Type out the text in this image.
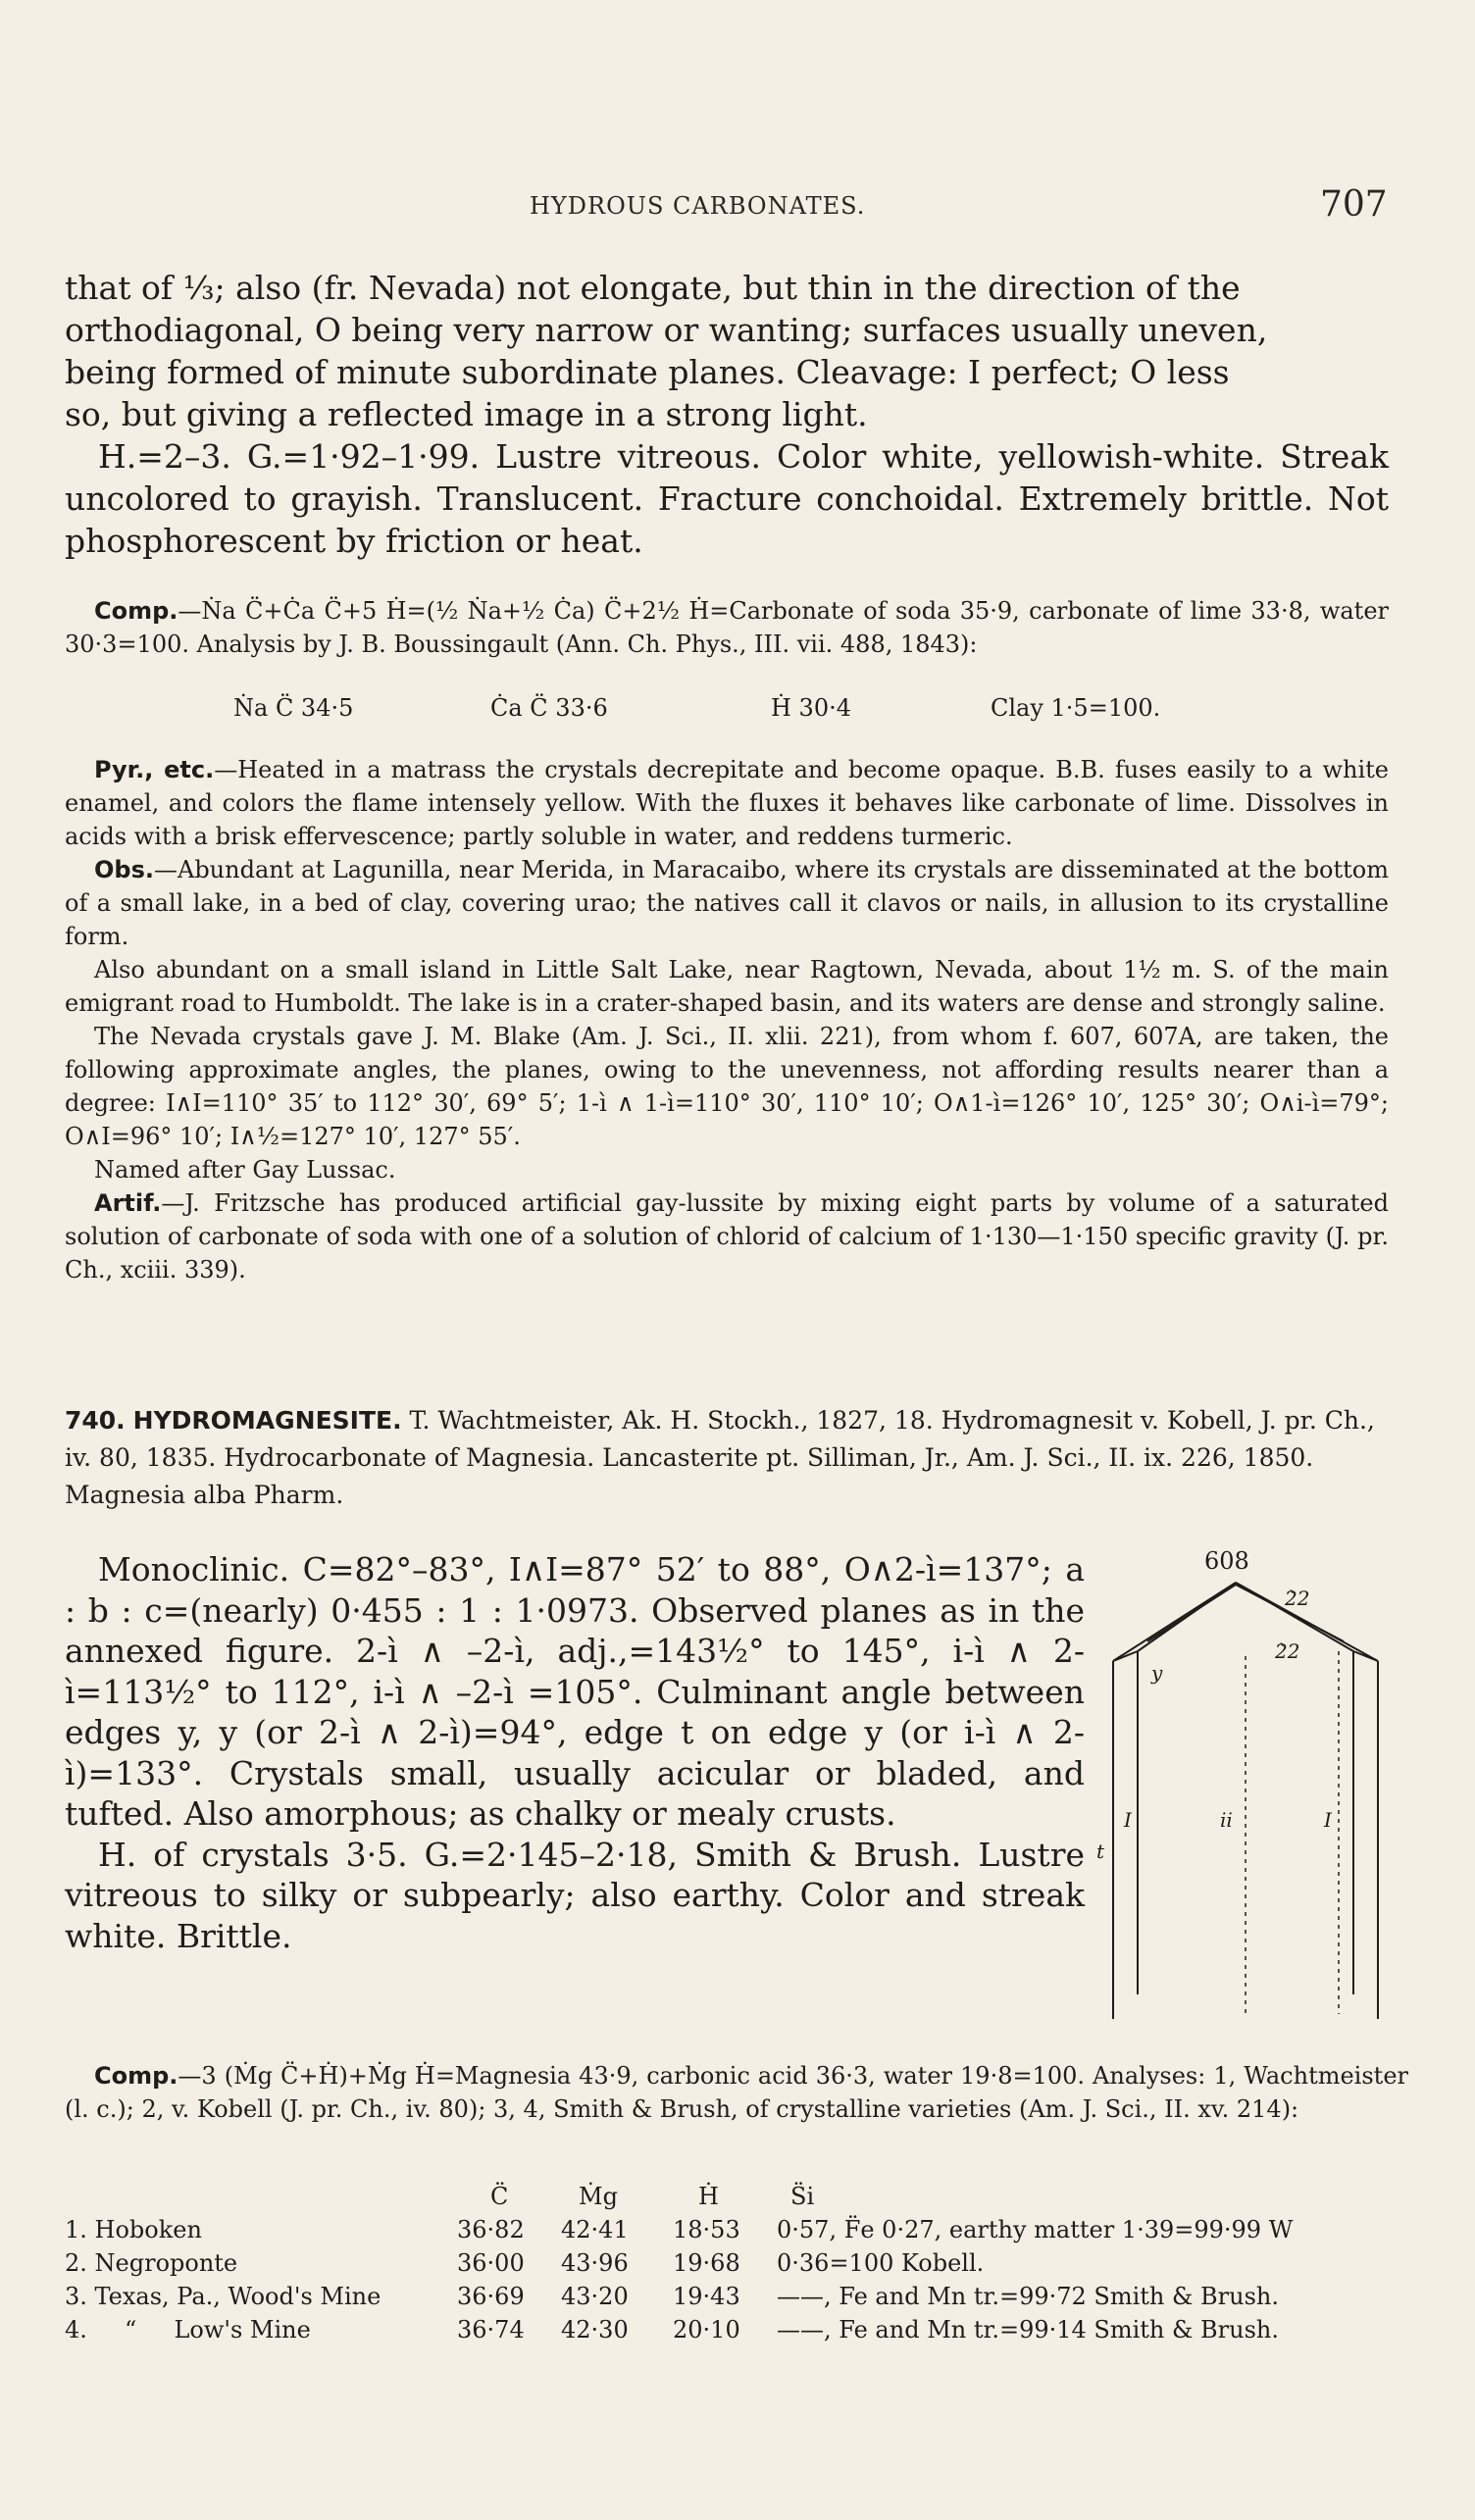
HYDROUS CARBONATES.	707

that of ⅓; also (fr. Nevada) not elongate, but thin in the direction of the

orthodiagonal, O being very narrow or wanting; surfaces usually uneven,

being formed of minute subordinate planes. Cleavage: I perfect; O less

so, but giving a reflected image in a strong light.

H.=2–3. G.=1·92–1·99. Lustre vitreous. Color white, yellowish-white. Streak uncolored to grayish. Translucent. Fracture conchoidal. Extremely brittle. Not phosphorescent by friction or heat.

Comp.—Ṅa C̈+Ċa C̈+5 Ḣ=(½ Ṅa+½ Ċa) C̈+2½ Ḣ=Carbonate of soda 35·9, carbonate of lime 33·8, water 30·3=100. Analysis by J. B. Boussingault (Ann. Ch. Phys., III. vii. 488, 1843):

Ṅa C̈ 34·5	Ċa C̈ 33·6	Ḣ 30·4	Clay 1·5=100.

Pyr., etc.—Heated in a matrass the crystals decrepitate and become opaque. B.B. fuses easily to a white enamel, and colors the flame intensely yellow. With the fluxes it behaves like carbonate of lime. Dissolves in acids with a brisk effervescence; partly soluble in water, and reddens turmeric.

Obs.—Abundant at Lagunilla, near Merida, in Maracaibo, where its crystals are disseminated at the bottom of a small lake, in a bed of clay, covering urao; the natives call it clavos or nails, in allusion to its crystalline form.

Also abundant on a small island in Little Salt Lake, near Ragtown, Nevada, about 1½ m. S. of the main emigrant road to Humboldt. The lake is in a crater-shaped basin, and its waters are dense and strongly saline.

The Nevada crystals gave J. M. Blake (Am. J. Sci., II. xlii. 221), from whom f. 607, 607A, are taken, the following approximate angles, the planes, owing to the unevenness, not affording results nearer than a degree: I∧I=110° 35′ to 112° 30′, 69° 5′; 1-ì ∧ 1-ì=110° 30′, 110° 10′; O∧1-ì=126° 10′, 125° 30′; O∧i-ì=79°; O∧I=96° 10′; I∧½=127° 10′, 127° 55′.

Named after Gay Lussac.

Artif.—J. Fritzsche has produced artificial gay-lussite by mixing eight parts by volume of a saturated solution of carbonate of soda with one of a solution of chlorid of calcium of 1·130—1·150 specific gravity (J. pr. Ch., xciii. 339).

740. HYDROMAGNESITE. T. Wachtmeister, Ak. H. Stockh., 1827, 18. Hydromagnesit v. Kobell, J. pr. Ch., iv. 80, 1835. Hydrocarbonate of Magnesia. Lancasterite pt. Silliman, Jr., Am. J. Sci., II. ix. 226, 1850. Magnesia alba Pharm.

Monoclinic. C=82°–83°, I∧I=87° 52′ to 88°, O∧2-ì=137°; a : b : c=(nearly) 0·455 : 1 : 1·0973. Observed planes as in the annexed figure. 2-ì ∧ –2-ì, adj.,=143½° to 145°, i-ì ∧ 2-ì=113½° to 112°, i-ì ∧ –2-ì =105°. Culminant angle between edges y, y (or 2-ì ∧ 2-ì)=94°, edge t on edge y (or i-ì ∧ 2-ì)=133°. Crystals small, usually acicular or bladed, and tufted. Also amorphous; as chalky or mealy crusts.

H. of crystals 3·5. G.=2·145–2·18, Smith & Brush. Lustre vitreous to silky or subpearly; also earthy. Color and streak white. Brittle.

608
y
2̀2
2̀2
I	ii	I
t

Comp.—3 (Ṁg C̈+Ḣ)+Ṁg Ḣ=Magnesia 43·9, carbonic acid 36·3, water 19·8=100. Analyses: 1, Wachtmeister (l. c.); 2, v. Kobell (J. pr. Ch., iv. 80); 3, 4, Smith & Brush, of crystalline varieties (Am. J. Sci., II. xv. 214):

C̈	Ṁg	Ḣ	S̈i
1. Hoboken	36·82 42·41 18·53 0·57, F̈e 0·27, earthy matter 1·39=99·99 W
2. Negroponte	36·00 43·96 19·68 0·36=100 Kobell.
3. Texas, Pa., Wood's Mine	36·69 43·20 19·43 ——, Fe and Mn tr.=99·72 Smith & Brush.
4.     “     Low's Mine	36·74 42·30 20·10 ——, Fe and Mn tr.=99·14 Smith & Brush.
